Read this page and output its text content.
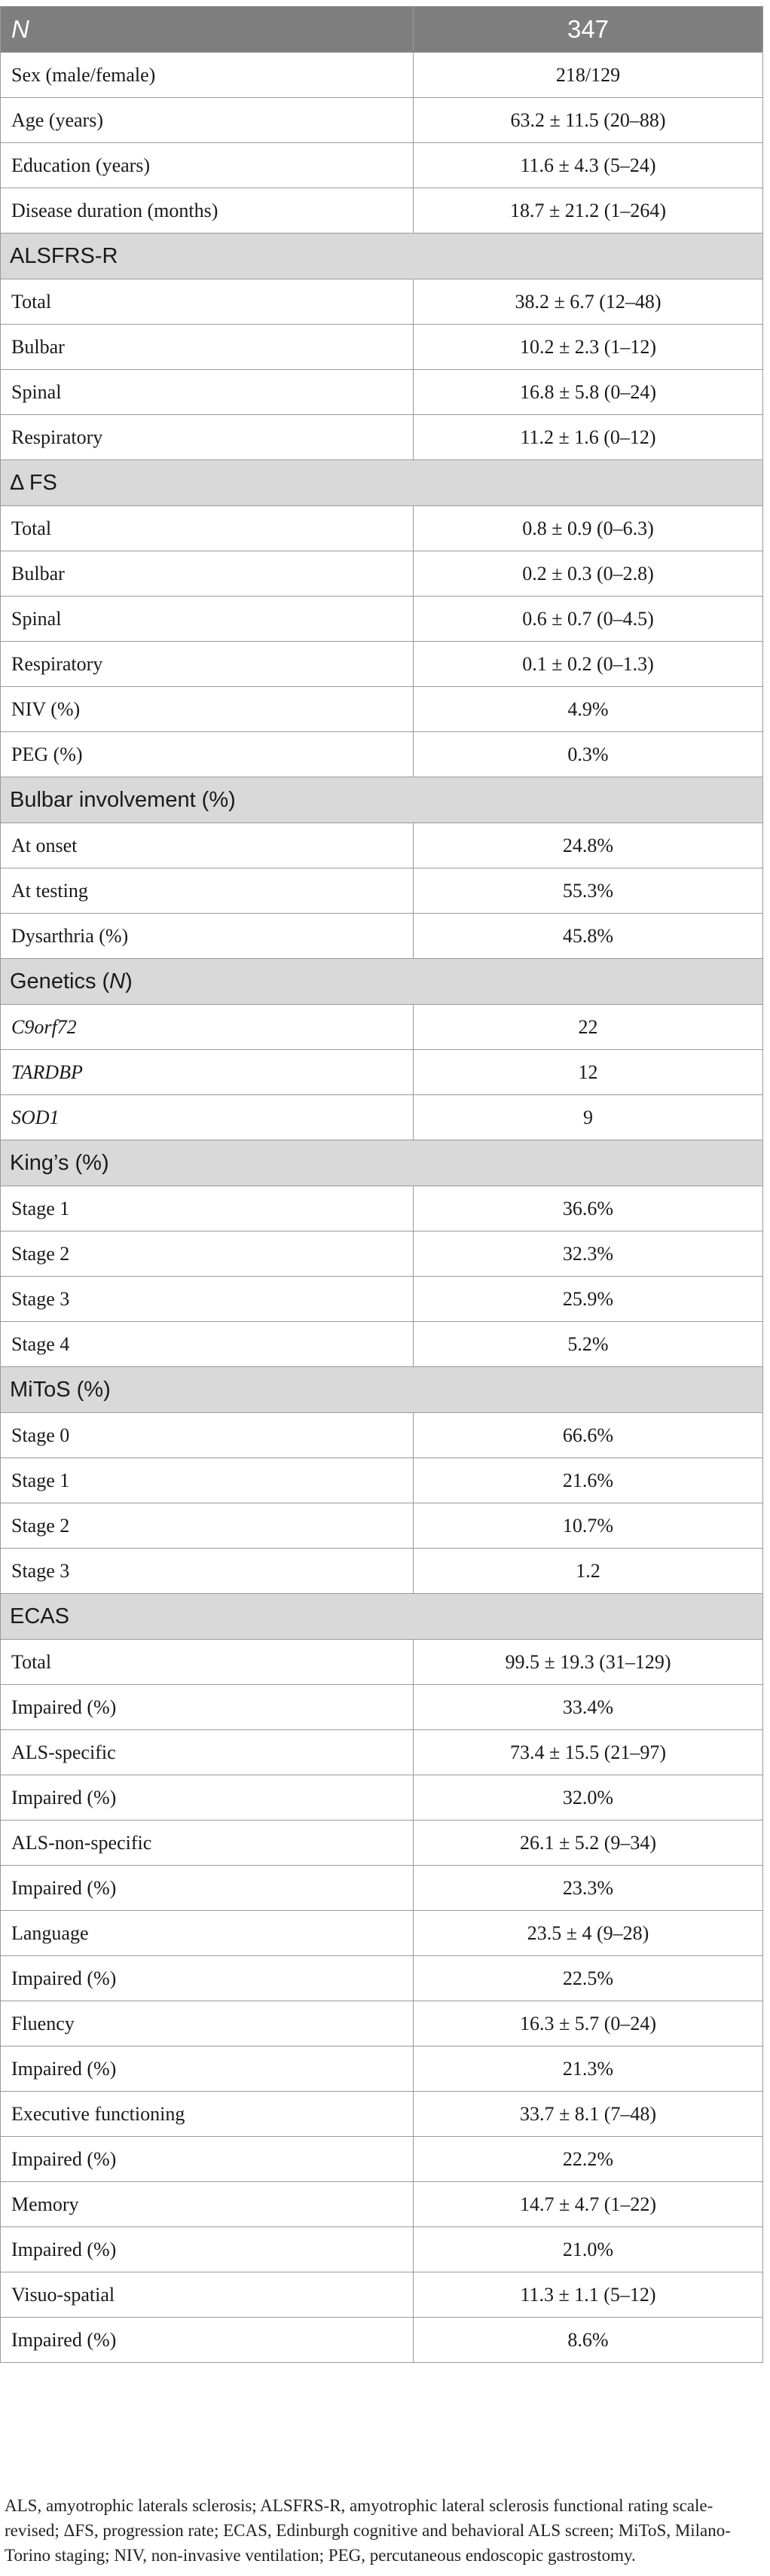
N	347
Sex (male/female)	218/129
Age (years)	63.2 ± 11.5 (20–88)
Education (years)	11.6 ± 4.3 (5–24)
Disease duration (months)	18.7 ± 21.2 (1–264)
ALSFRS-R	
Total	38.2 ± 6.7 (12–48)
Bulbar	10.2 ± 2.3 (1–12)
Spinal	16.8 ± 5.8 (0–24)
Respiratory	11.2 ± 1.6 (0–12)
Δ FS	
Total	0.8 ± 0.9 (0–6.3)
Bulbar	0.2 ± 0.3 (0–2.8)
Spinal	0.6 ± 0.7 (0–4.5)
Respiratory	0.1 ± 0.2 (0–1.3)
NIV (%)	4.9%
PEG (%)	0.3%
Bulbar involvement (%)	
At onset	24.8%
At testing	55.3%
Dysarthria (%)	45.8%
Genetics (N)	
C9orf72	22
TARDBP	12
SOD1	9
King’s (%)	
Stage 1	36.6%
Stage 2	32.3%
Stage 3	25.9%
Stage 4	5.2%
MiToS (%)	
Stage 0	66.6%
Stage 1	21.6%
Stage 2	10.7%
Stage 3	1.2
ECAS	
Total	99.5 ± 19.3 (31–129)
Impaired (%)	33.4%
ALS-specific	73.4 ± 15.5 (21–97)
Impaired (%)	32.0%
ALS-non-specific	26.1 ± 5.2 (9–34)
Impaired (%)	23.3%
Language	23.5 ± 4 (9–28)
Impaired (%)	22.5%
Fluency	16.3 ± 5.7 (0–24)
Impaired (%)	21.3%
Executive functioning	33.7 ± 8.1 (7–48)
Impaired (%)	22.2%
Memory	14.7 ± 4.7 (1–22)
Impaired (%)	21.0%
Visuo-spatial	11.3 ± 1.1 (5–12)
Impaired (%)	8.6%
ALS, amyotrophic laterals sclerosis; ALSFRS-R, amyotrophic lateral sclerosis functional rating scale-revised; ΔFS, progression rate; ECAS, Edinburgh cognitive and behavioral ALS screen; MiToS, Milano-Torino staging; NIV, non-invasive ventilation; PEG, percutaneous endoscopic gastrostomy.
